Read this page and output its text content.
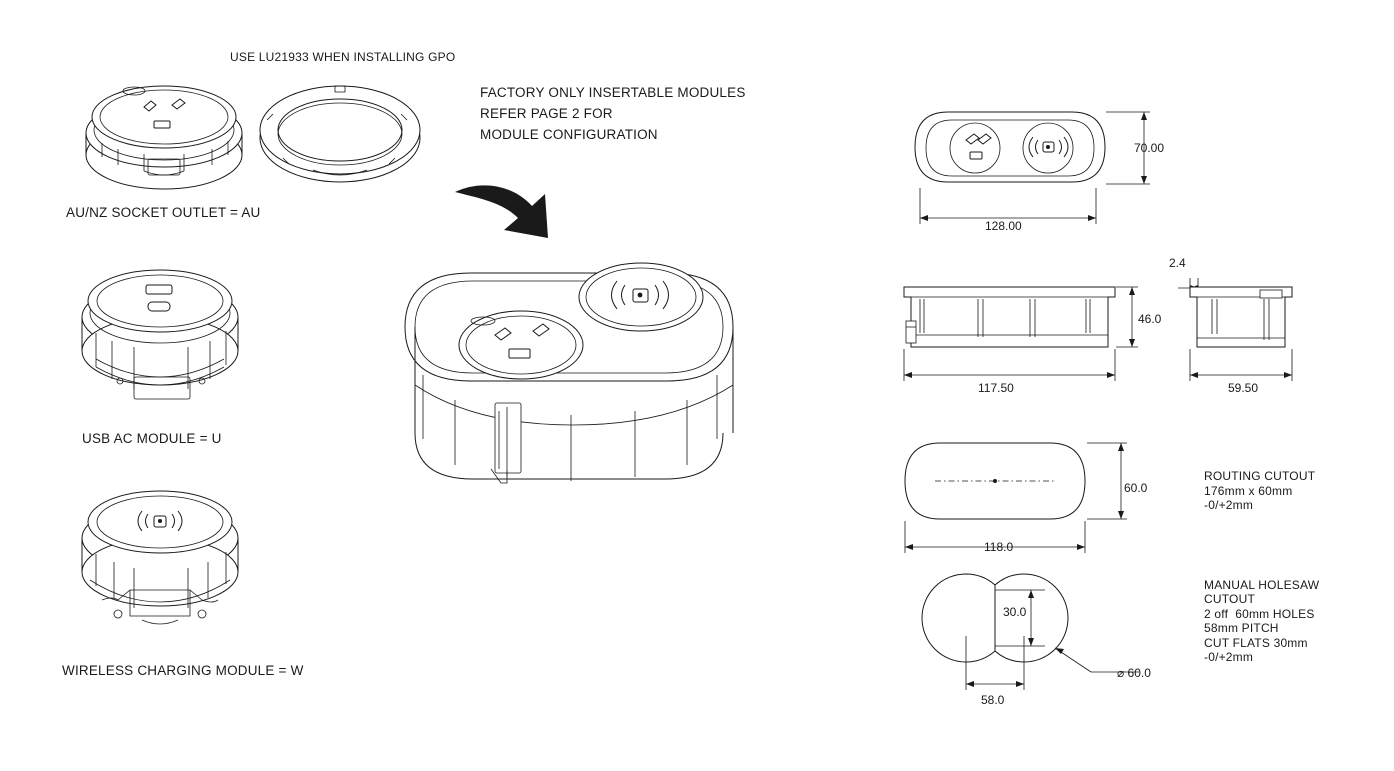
AU/NZ SOCKET OUTLET = AU
USE LU21933 WHEN INSTALLING GPO
USB AC MODULE = U
WIRELESS CHARGING MODULE = W
FACTORY ONLY INSERTABLE MODULES
REFER PAGE 2 FOR
MODULE CONFIGURATION
70.00
128.00
46.0
117.50
2.4
59.50
60.0
118.0
ROUTING CUTOUT
176mm x 60mm
-0/+2mm
30.0
58.0
⌀ 60.0
MANUAL HOLESAW
CUTOUT
2 off  60mm HOLES
58mm PITCH
CUT FLATS 30mm
-0/+2mm
